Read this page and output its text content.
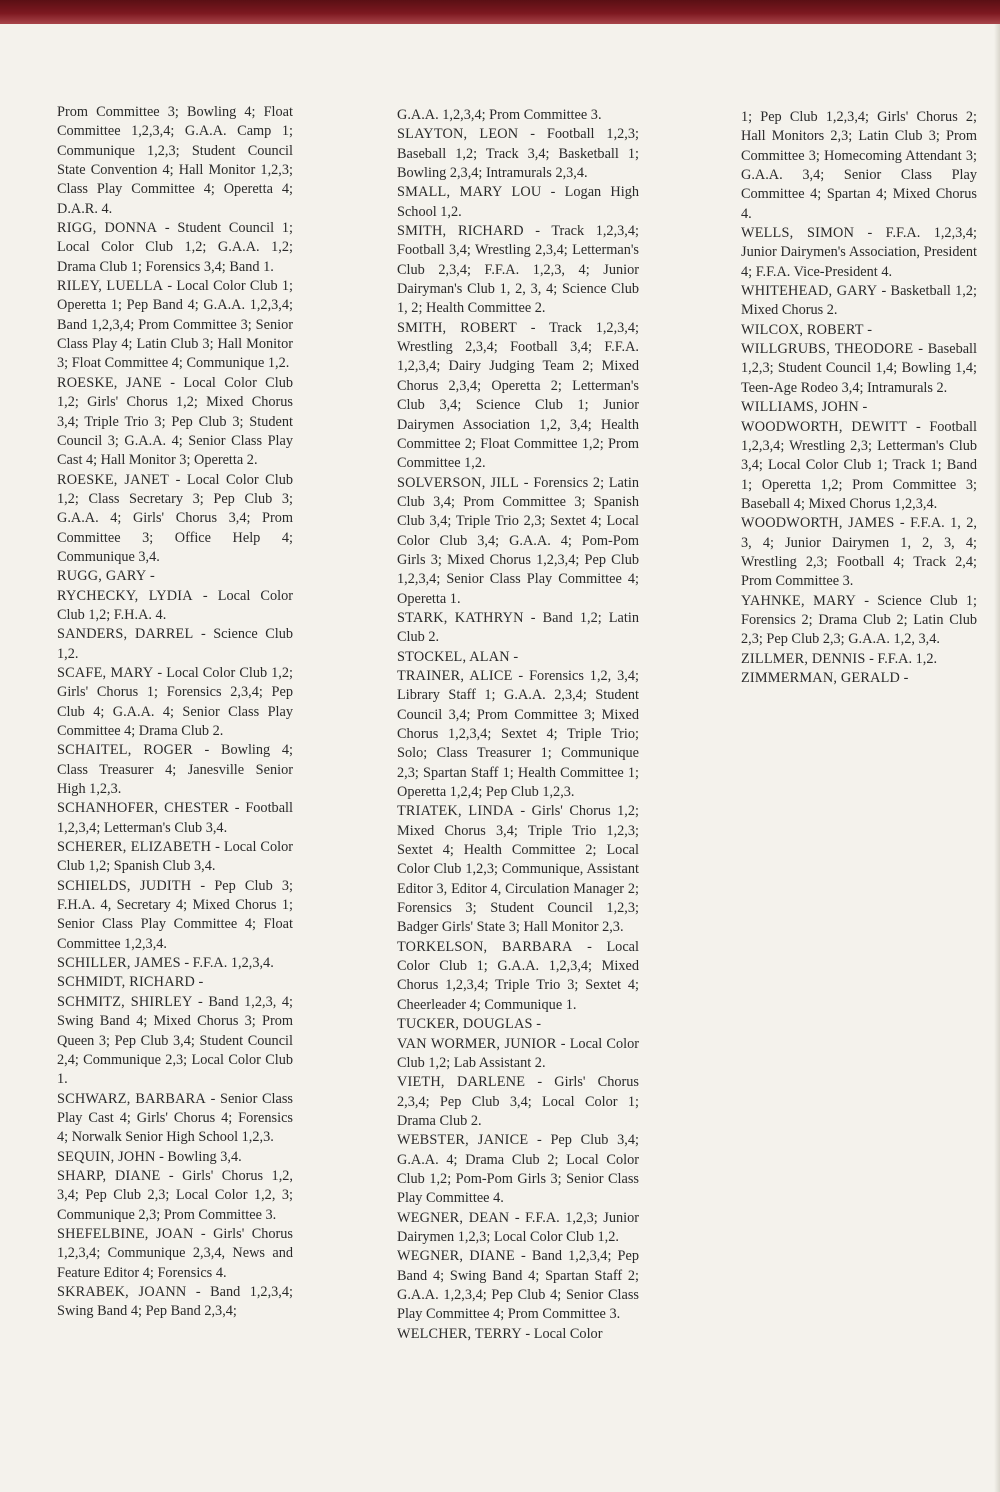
Prom Committee 3; Bowling 4; Float Committee 1,2,3,4; G.A.A. Camp 1; Communique 1,2,3; Student Council State Convention 4; Hall Monitor 1,2,3; Class Play Committee 4; Operetta 4; D.A.R. 4.

RIGG, DONNA - Student Council 1; Local Color Club 1,2; G.A.A. 1,2; Drama Club 1; Forensics 3,4; Band 1.

RILEY, LUELLA - Local Color Club 1; Operetta 1; Pep Band 4; G.A.A. 1,2,3,4; Band 1,2,3,4; Prom Committee 3; Senior Class Play 4; Latin Club 3; Hall Monitor 3; Float Committee 4; Communique 1,2.

ROESKE, JANE - Local Color Club 1,2; Girls' Chorus 1,2; Mixed Chorus 3,4; Triple Trio 3; Pep Club 3; Student Council 3; G.A.A. 4; Senior Class Play Cast 4; Hall Monitor 3; Operetta 2.

ROESKE, JANET - Local Color Club 1,2; Class Secretary 3; Pep Club 3; G.A.A. 4; Girls' Chorus 3,4; Prom Committee 3; Office Help 4; Communique 3,4.

RUGG, GARY -

RYCHECKY, LYDIA - Local Color Club 1,2; F.H.A. 4.

SANDERS, DARREL - Science Club 1,2.

SCAFE, MARY - Local Color Club 1,2; Girls' Chorus 1; Forensics 2,3,4; Pep Club 4; G.A.A. 4; Senior Class Play Committee 4; Drama Club 2.

SCHAITEL, ROGER - Bowling 4; Class Treasurer 4; Janesville Senior High 1,2,3.

SCHANHOFER, CHESTER - Football 1,2,3,4; Letterman's Club 3,4.

SCHERER, ELIZABETH - Local Color Club 1,2; Spanish Club 3,4.

SCHIELDS, JUDITH - Pep Club 3; F.H.A. 4, Secretary 4; Mixed Chorus 1; Senior Class Play Committee 4; Float Committee 1,2,3,4.

SCHILLER, JAMES - F.F.A. 1,2,3,4.

SCHMIDT, RICHARD -

SCHMITZ, SHIRLEY - Band 1,2,3, 4; Swing Band 4; Mixed Chorus 3; Prom Queen 3; Pep Club 3,4; Student Council 2,4; Communique 2,3; Local Color Club 1.

SCHWARZ, BARBARA - Senior Class Play Cast 4; Girls' Chorus 4; Forensics 4; Norwalk Senior High School 1,2,3.

SEQUIN, JOHN - Bowling 3,4.

SHARP, DIANE - Girls' Chorus 1,2, 3,4; Pep Club 2,3; Local Color 1,2, 3; Communique 2,3; Prom Committee 3.

SHEFELBINE, JOAN - Girls' Chorus 1,2,3,4; Communique 2,3,4, News and Feature Editor 4; Forensics 4.

SKRABEK, JOANN - Band 1,2,3,4; Swing Band 4; Pep Band 2,3,4;

G.A.A. 1,2,3,4; Prom Committee 3.

SLAYTON, LEON - Football 1,2,3; Baseball 1,2; Track 3,4; Basketball 1; Bowling 2,3,4; Intramurals 2,3,4.

SMALL, MARY LOU - Logan High School 1,2.

SMITH, RICHARD - Track 1,2,3,4; Football 3,4; Wrestling 2,3,4; Letterman's Club 2,3,4; F.F.A. 1,2,3, 4; Junior Dairyman's Club 1, 2, 3, 4; Science Club 1, 2; Health Committee 2.

SMITH, ROBERT - Track 1,2,3,4; Wrestling 2,3,4; Football 3,4; F.F.A. 1,2,3,4; Dairy Judging Team 2; Mixed Chorus 2,3,4; Operetta 2; Letterman's Club 3,4; Science Club 1; Junior Dairymen Association 1,2, 3,4; Health Committee 2; Float Committee 1,2; Prom Committee 1,2.

SOLVERSON, JILL - Forensics 2; Latin Club 3,4; Prom Committee 3; Spanish Club 3,4; Triple Trio 2,3; Sextet 4; Local Color Club 3,4; G.A.A. 4; Pom-Pom Girls 3; Mixed Chorus 1,2,3,4; Pep Club 1,2,3,4; Senior Class Play Committee 4; Operetta 1.

STARK, KATHRYN - Band 1,2; Latin Club 2.

STOCKEL, ALAN -

TRAINER, ALICE - Forensics 1,2, 3,4; Library Staff 1; G.A.A. 2,3,4; Student Council 3,4; Prom Committee 3; Mixed Chorus 1,2,3,4; Sextet 4; Triple Trio; Solo; Class Treasurer 1; Communique 2,3; Spartan Staff 1; Health Committee 1; Operetta 1,2,4; Pep Club 1,2,3.

TRIATEK, LINDA - Girls' Chorus 1,2; Mixed Chorus 3,4; Triple Trio 1,2,3; Sextet 4; Health Committee 2; Local Color Club 1,2,3; Communique, Assistant Editor 3, Editor 4, Circulation Manager 2; Forensics 3; Student Council 1,2,3; Badger Girls' State 3; Hall Monitor 2,3.

TORKELSON, BARBARA - Local Color Club 1; G.A.A. 1,2,3,4; Mixed Chorus 1,2,3,4; Triple Trio 3; Sextet 4; Cheerleader 4; Communique 1.

TUCKER, DOUGLAS -

VAN WORMER, JUNIOR - Local Color Club 1,2; Lab Assistant 2.

VIETH, DARLENE - Girls' Chorus 2,3,4; Pep Club 3,4; Local Color 1; Drama Club 2.

WEBSTER, JANICE - Pep Club 3,4; G.A.A. 4; Drama Club 2; Local Color Club 1,2; Pom-Pom Girls 3; Senior Class Play Committee 4.

WEGNER, DEAN - F.F.A. 1,2,3; Junior Dairymen 1,2,3; Local Color Club 1,2.

WEGNER, DIANE - Band 1,2,3,4; Pep Band 4; Swing Band 4; Spartan Staff 2; G.A.A. 1,2,3,4; Pep Club 4; Senior Class Play Committee 4; Prom Committee 3.

WELCHER, TERRY - Local Color

1; Pep Club 1,2,3,4; Girls' Chorus 2; Hall Monitors 2,3; Latin Club 3; Prom Committee 3; Homecoming Attendant 3; G.A.A. 3,4; Senior Class Play Committee 4; Spartan 4; Mixed Chorus 4.

WELLS, SIMON - F.F.A. 1,2,3,4; Junior Dairymen's Association, President 4; F.F.A. Vice-President 4.

WHITEHEAD, GARY - Basketball 1,2; Mixed Chorus 2.

WILCOX, ROBERT -

WILLGRUBS, THEODORE - Baseball 1,2,3; Student Council 1,4; Bowling 1,4; Teen-Age Rodeo 3,4; Intramurals 2.

WILLIAMS, JOHN -

WOODWORTH, DEWITT - Football 1,2,3,4; Wrestling 2,3; Letterman's Club 3,4; Local Color Club 1; Track 1; Band 1; Operetta 1,2; Prom Committee 3; Baseball 4; Mixed Chorus 1,2,3,4.

WOODWORTH, JAMES - F.F.A. 1, 2, 3, 4; Junior Dairymen 1, 2, 3, 4; Wrestling 2,3; Football 4; Track 2,4; Prom Committee 3.

YAHNKE, MARY - Science Club 1; Forensics 2; Drama Club 2; Latin Club 2,3; Pep Club 2,3; G.A.A. 1,2, 3,4.

ZILLMER, DENNIS - F.F.A. 1,2.

ZIMMERMAN, GERALD -
